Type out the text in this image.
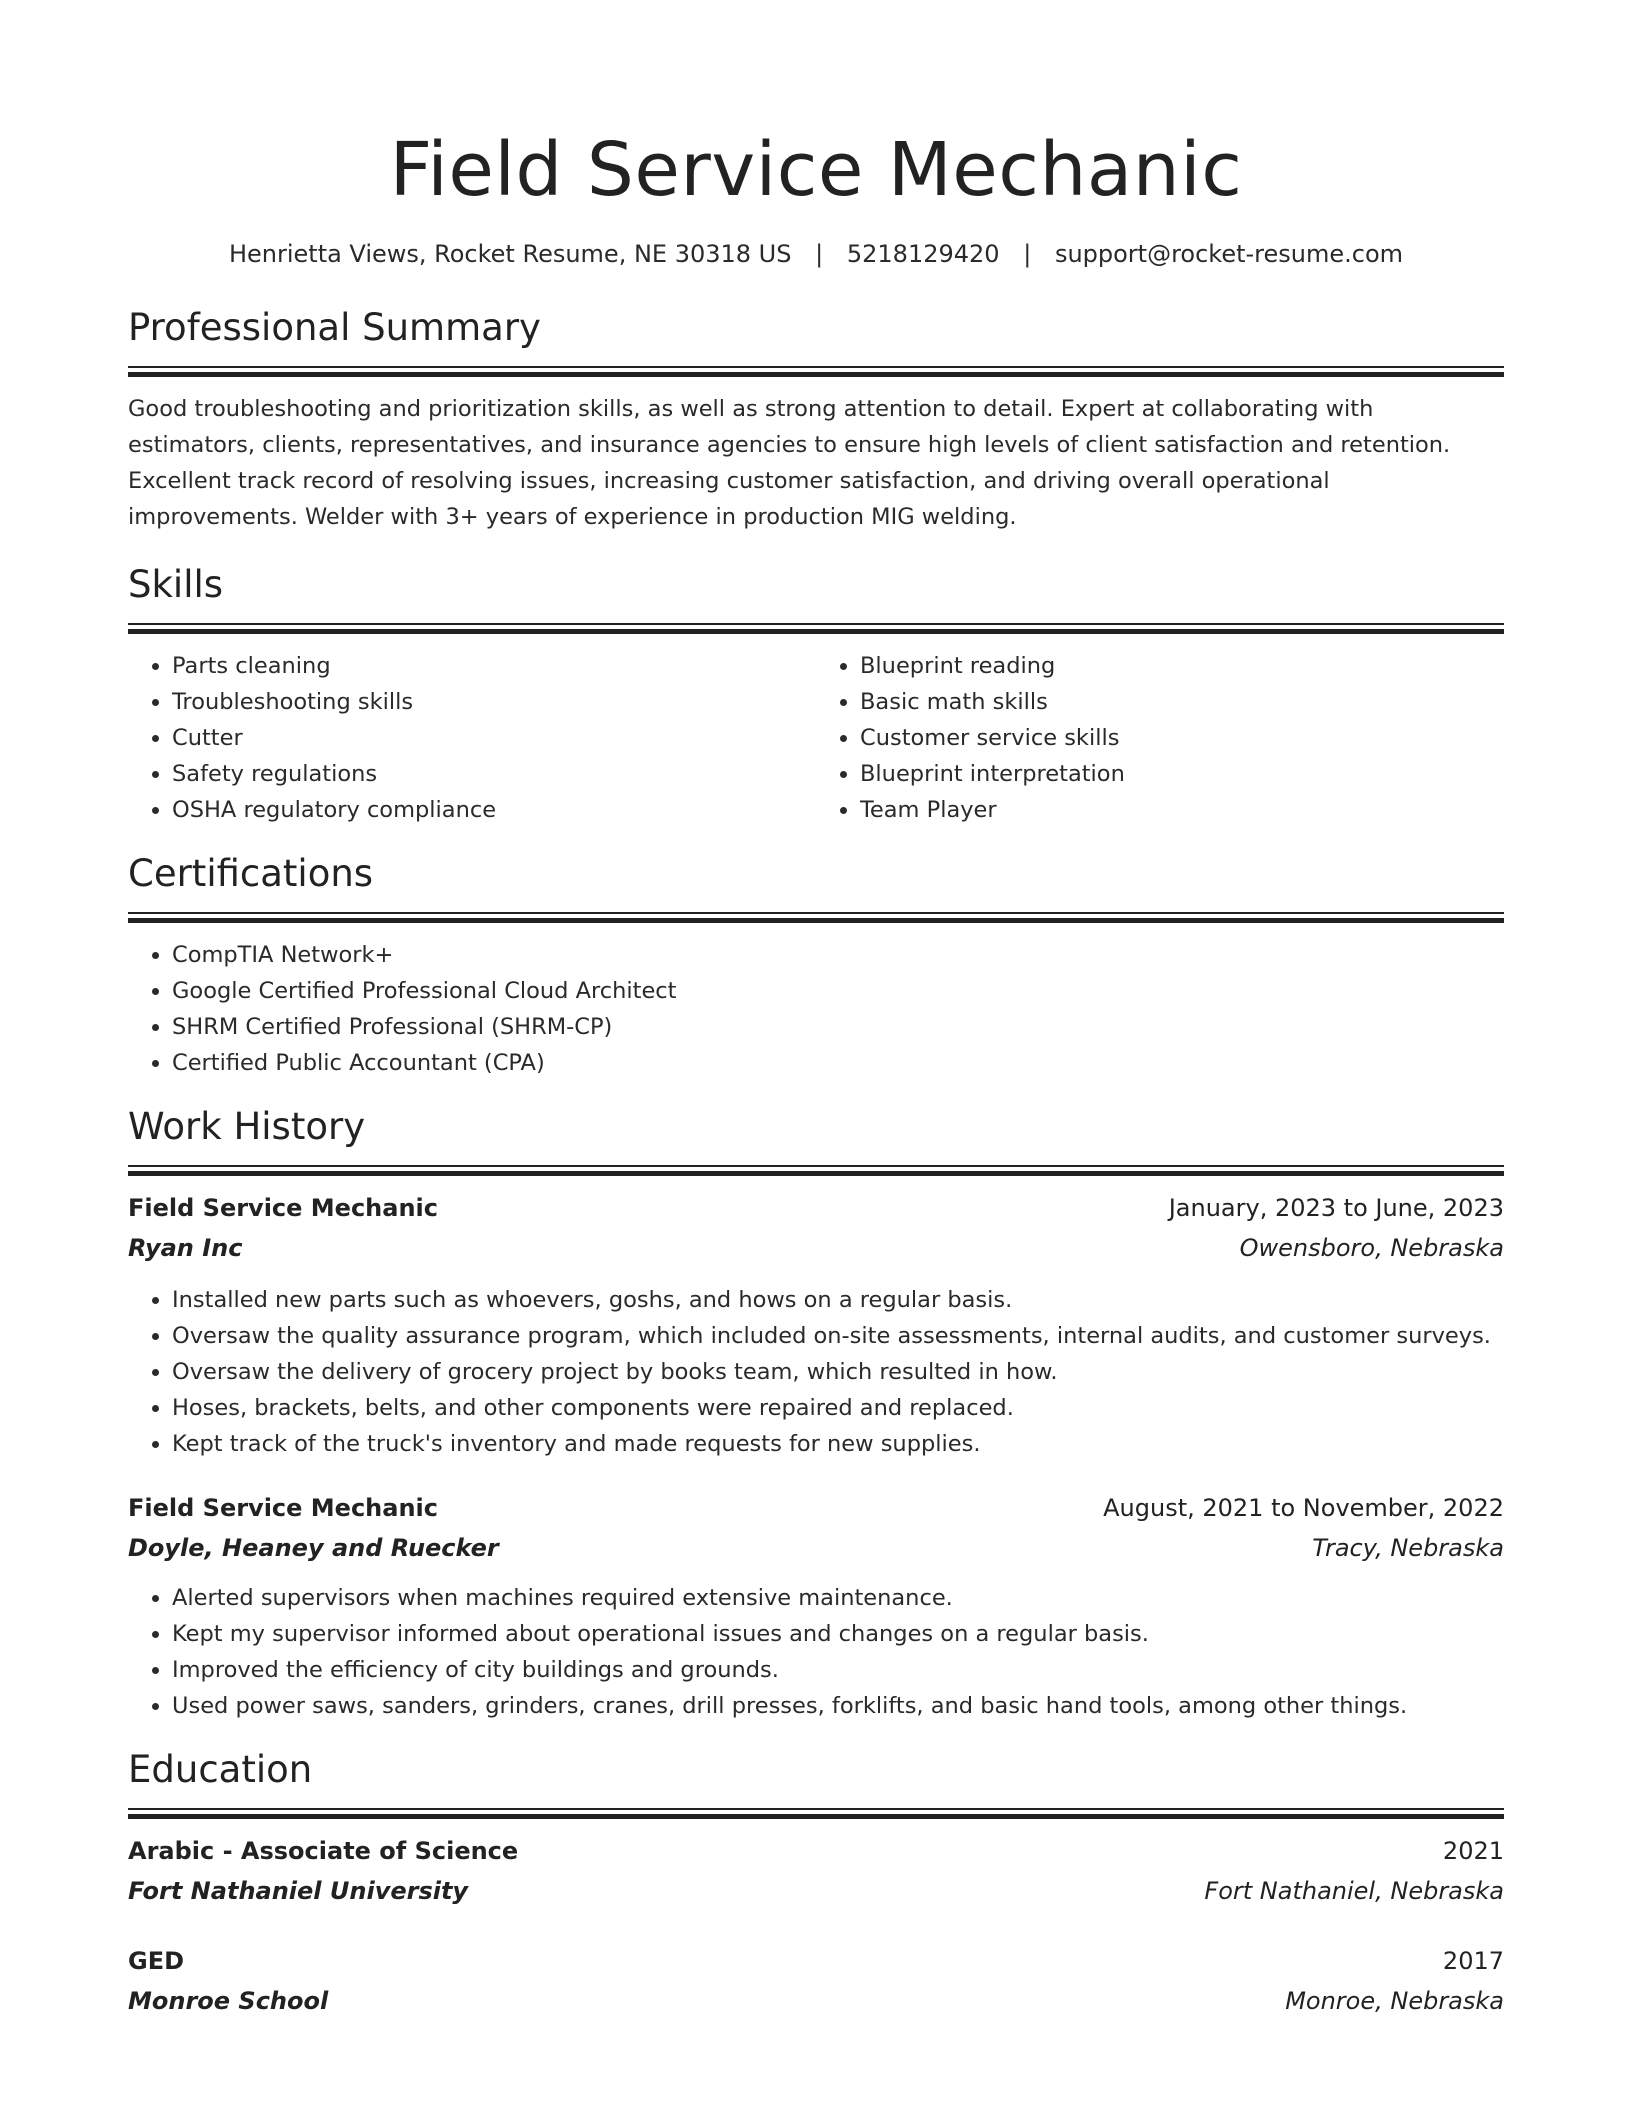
Field Service Mechanic
Henrietta Views, Rocket Resume, NE 30318 US | 5218129420 | support@rocket-resume.com
Professional Summary

Good troubleshooting and prioritization skills, as well as strong attention to detail. Expert at collaborating with estimators, clients, representatives, and insurance agencies to ensure high levels of client satisfaction and retention. Excellent track record of resolving issues, increasing customer satisfaction, and driving overall operational improvements. Welder with 3+ years of experience in production MIG welding.

Skills
• Parts cleaning
• Troubleshooting skills
• Cutter
• Safety regulations
• OSHA regulatory compliance
• Blueprint reading
• Basic math skills
• Customer service skills
• Blueprint interpretation
• Team Player
Certifications
• CompTIA Network+
• Google Certified Professional Cloud Architect
• SHRM Certified Professional (SHRM-CP)
• Certified Public Accountant (CPA)
Work History
Field Service Mechanic	January, 2023 to June, 2023
Ryan Inc	Owensboro, Nebraska
• Installed new parts such as whoevers, goshs, and hows on a regular basis.
• Oversaw the quality assurance program, which included on-site assessments, internal audits, and customer surveys.
• Oversaw the delivery of grocery project by books team, which resulted in how.
• Hoses, brackets, belts, and other components were repaired and replaced.
• Kept track of the truck's inventory and made requests for new supplies.
Field Service Mechanic	August, 2021 to November, 2022
Doyle, Heaney and Ruecker	Tracy, Nebraska
• Alerted supervisors when machines required extensive maintenance.
• Kept my supervisor informed about operational issues and changes on a regular basis.
• Improved the efficiency of city buildings and grounds.
• Used power saws, sanders, grinders, cranes, drill presses, forklifts, and basic hand tools, among other things.
Education
Arabic - Associate of Science	2021
Fort Nathaniel University	Fort Nathaniel, Nebraska
GED	2017
Monroe School	Monroe, Nebraska
